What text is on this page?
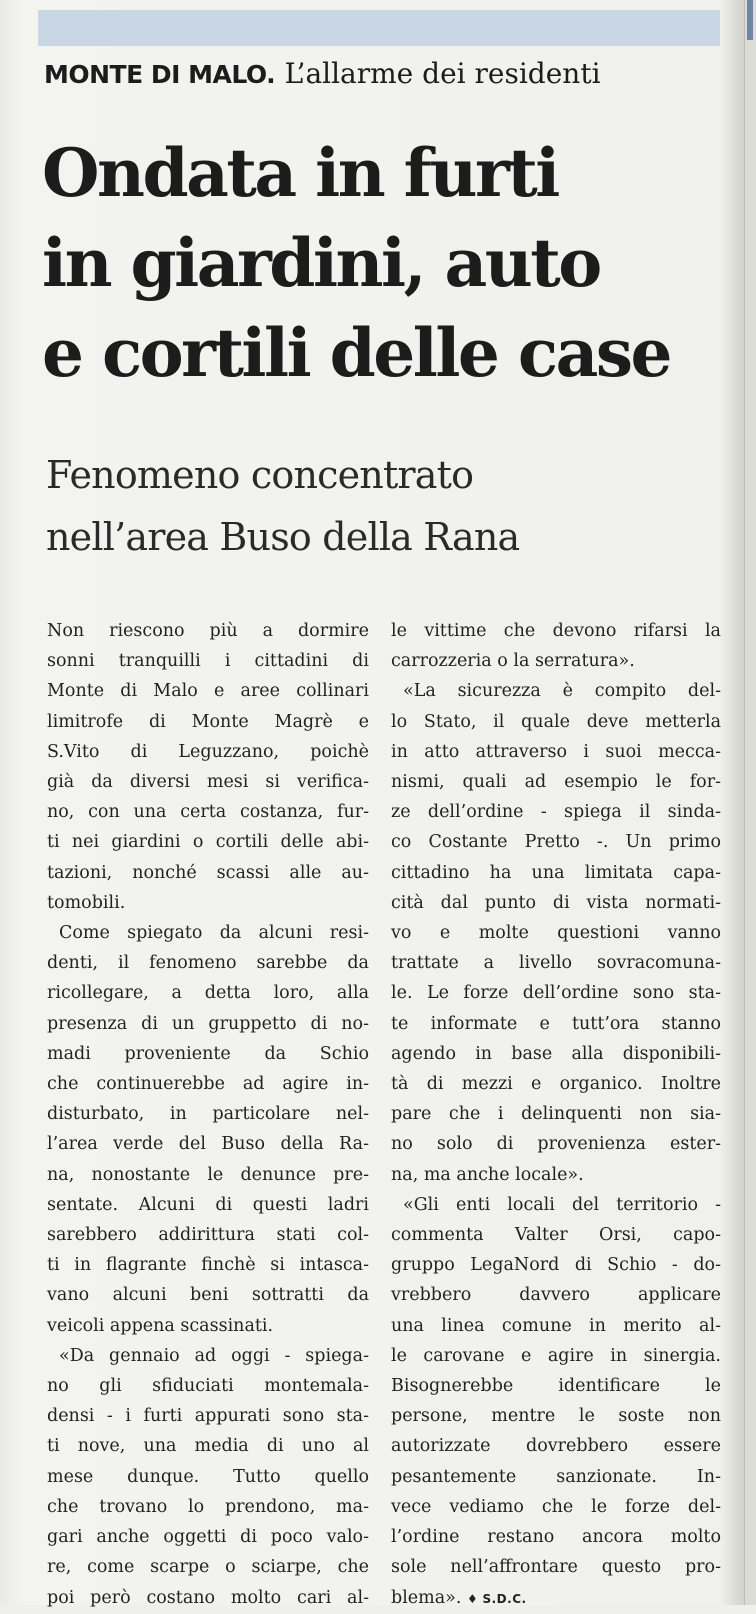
MONTE DI MALO. L’allarme dei residenti
Ondata in furti
in giardini, auto
e cortili delle case
Fenomeno concentrato
nell’area Buso della Rana
Non riescono più a dormire
sonni tranquilli i cittadini di
Monte di Malo e aree collinari
limitrofe di Monte Magrè e
S.Vito di Leguzzano, poichè
già da diversi mesi si verifica-
no, con una certa costanza, fur-
ti nei giardini o cortili delle abi-
tazioni, nonché scassi alle au-
tomobili.
Come spiegato da alcuni resi-
denti, il fenomeno sarebbe da
ricollegare, a detta loro, alla
presenza di un gruppetto di no-
madi proveniente da Schio
che continuerebbe ad agire in-
disturbato, in particolare nel-
l’area verde del Buso della Ra-
na, nonostante le denunce pre-
sentate. Alcuni di questi ladri
sarebbero addirittura stati col-
ti in flagrante finchè si intasca-
vano alcuni beni sottratti da
veicoli appena scassinati.
«Da gennaio ad oggi - spiega-
no gli sfiduciati montemala-
densi - i furti appurati sono sta-
ti nove, una media di uno al
mese dunque. Tutto quello
che trovano lo prendono, ma-
gari anche oggetti di poco valo-
re, come scarpe o sciarpe, che
poi però costano molto cari al-
le vittime che devono rifarsi la
carrozzeria o la serratura».
«La sicurezza è compito del-
lo Stato, il quale deve metterla
in atto attraverso i suoi mecca-
nismi, quali ad esempio le for-
ze dell’ordine - spiega il sinda-
co Costante Pretto -. Un primo
cittadino ha una limitata capa-
cità dal punto di vista normati-
vo e molte questioni vanno
trattate a livello sovracomuna-
le. Le forze dell’ordine sono sta-
te informate e tutt’ora stanno
agendo in base alla disponibili-
tà di mezzi e organico. Inoltre
pare che i delinquenti non sia-
no solo di provenienza ester-
na, ma anche locale».
«Gli enti locali del territorio -
commenta Valter Orsi, capo-
gruppo LegaNord di Schio - do-
vrebbero davvero applicare
una linea comune in merito al-
le carovane e agire in sinergia.
Bisognerebbe identificare le
persone, mentre le soste non
autorizzate dovrebbero essere
pesantemente sanzionate. In-
vece vediamo che le forze del-
l’ordine restano ancora molto
sole nell’affrontare questo pro-
blema». ♦ S.D.C.
